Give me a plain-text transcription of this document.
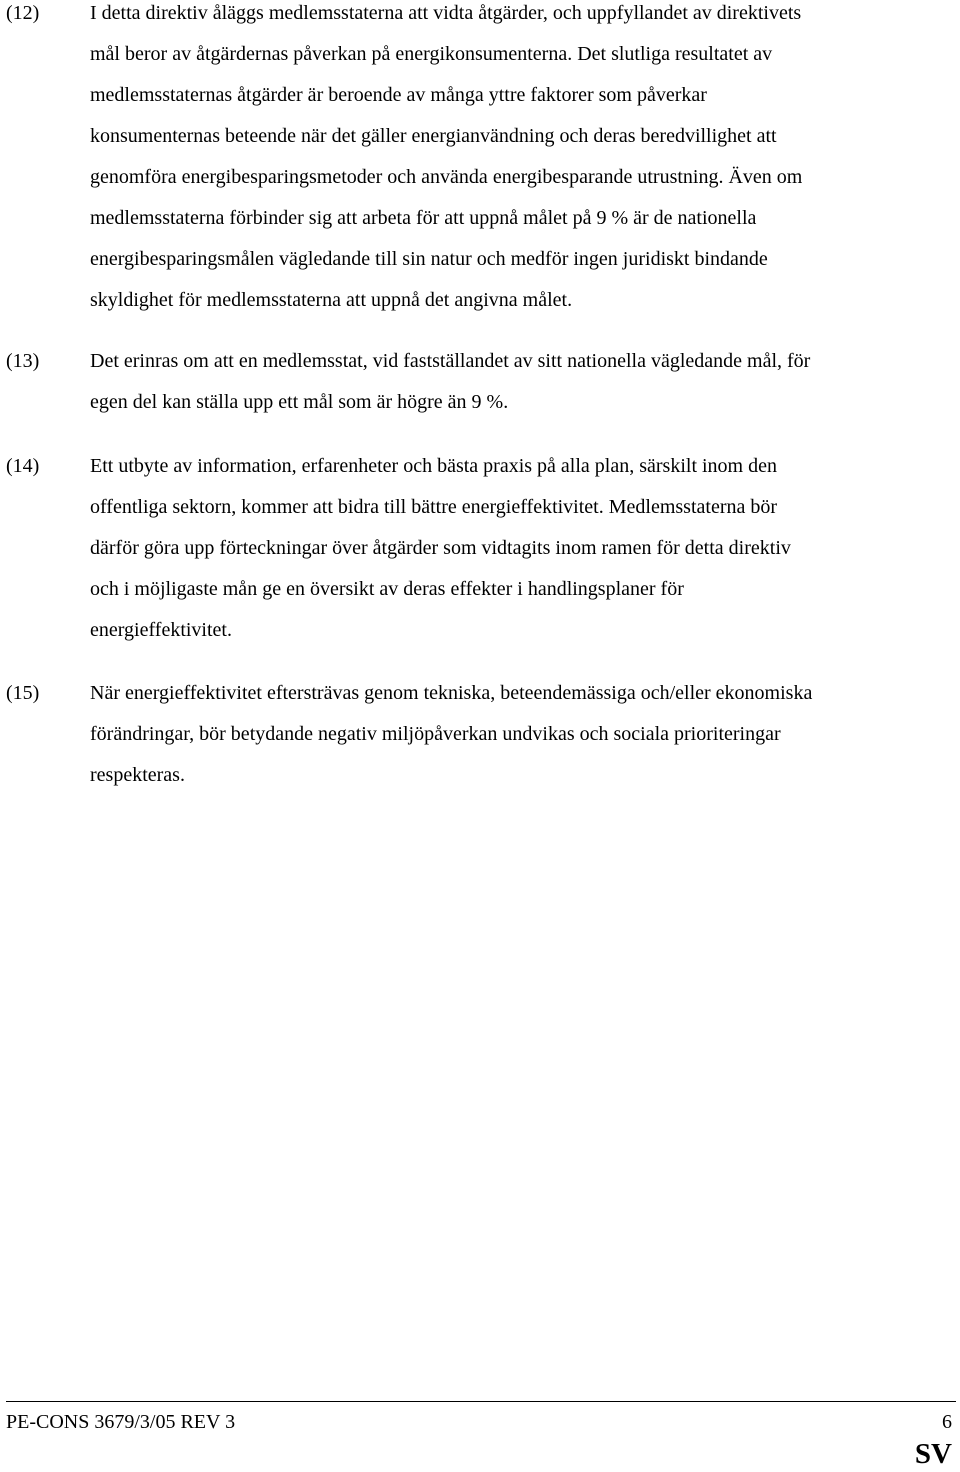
(12)	I detta direktiv åläggs medlemsstaterna att vidta åtgärder, och uppfyllandet av direktivets
mål beror av åtgärdernas påverkan på energikonsumenterna. Det slutliga resultatet av
medlemsstaternas åtgärder är beroende av många yttre faktorer som påverkar
konsumenternas beteende när det gäller energianvändning och deras beredvillighet att
genomföra energibesparingsmetoder och använda energibesparande utrustning. Även om
medlemsstaterna förbinder sig att arbeta för att uppnå målet på 9 % är de nationella
energibesparingsmålen vägledande till sin natur och medför ingen juridiskt bindande
skyldighet för medlemsstaterna att uppnå det angivna målet.
(13)	Det erinras om att en medlemsstat, vid fastställandet av sitt nationella vägledande mål, för
egen del kan ställa upp ett mål som är högre än 9 %.
(14)	Ett utbyte av information, erfarenheter och bästa praxis på alla plan, särskilt inom den
offentliga sektorn, kommer att bidra till bättre energieffektivitet. Medlemsstaterna bör
därför göra upp förteckningar över åtgärder som vidtagits inom ramen för detta direktiv
och i möjligaste mån ge en översikt av deras effekter i handlingsplaner för
energieffektivitet.
(15)	När energieffektivitet eftersträvas genom tekniska, beteendemässiga och/eller ekonomiska
förändringar, bör betydande negativ miljöpåverkan undvikas och sociala prioriteringar
respekteras.
PE-CONS 3679/3/05 REV 3	6
SV
